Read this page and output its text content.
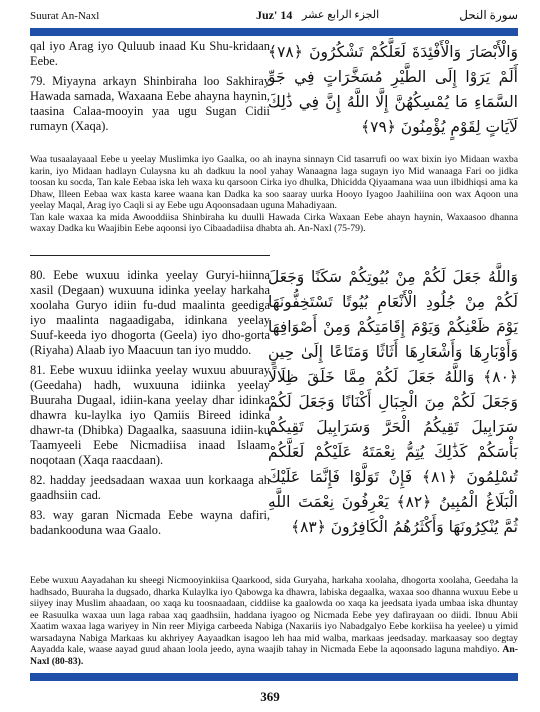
Suurat An-Naxl	Juz' 14 الجزء الرابع عشر	سورة النحل

qal iyo Arag iyo Quluub inaad Ku Shu-kridaan Eebe.

79. Miyayna arkayn Shinbiraha loo Sakhiray Hawada samada, Waxaana Eebe ahayna haynin, taasina Calaa-mooyin yaa ugu Sugan Cidii rumayn (Xaqa).

وَالْأَبْصَارَ وَالْأَفْئِدَةَ لَعَلَّكُمْ تَشْكُرُونَ ﴿٧٨﴾ أَلَمْ يَرَوْا إِلَى الطَّيْرِ مُسَخَّرَاتٍ فِي جَوِّ السَّمَاءِ مَا يُمْسِكُهُنَّ إِلَّا اللَّهُ إِنَّ فِي ذَٰلِكَ لَآيَاتٍ لِقَوْمٍ يُؤْمِنُونَ ﴿٧٩﴾

Waa tusaalayaaal Eebe u yeelay Muslimka iyo Gaalka, oo ah inayna sinnayn Cid tasarrufi oo wax bixin iyo Midaan waxba karin, iyo Midaan hadlayn Culaysna ku ah dadkuu la nool yahay Wanaagna laga sugayn iyo Mid wanaaga Fari oo jidka toosan ku socda, Tan kale Eebaa iska leh waxa ku qarsoon Cirka iyo dhulka, Dhicidda Qiyaamana waa uun ilbidhiqsi ama ka Dhaw, Illeen Eebaa wax kasta karee waana kan Dadka ka soo saaray uurka Hooyo Iyagoo Jaahiliina oon wax Aqoon una yeelay Maqal, Arag iyo Caqli si ay Eebe ugu Aqoonsadaan uguna Mahadiyaan.

Tan kale waxaa ka mida Awooddiisa Shinbiraha ku duulli Hawada Cirka Waxaan Eebe ahayn haynin, Waxaasoo dhanna waxay Dadka ku Waajibin Eebe aqoonsi iyo Cibaadadiisa dhabta ah. An-Naxl (75-79).

80. Eebe wuxuu idinka yeelay Guryi-hiinna xasil (Degaan) wuxuuna idinka yeelay harkaha xoolaha Guryo idiin fu-dud maalinta geediga iyo maalinta nagaadigaba, idinkana yeelay Suuf-keeda iyo dhogorta (Geela) iyo dho-gorta (Riyaha) Alaab iyo Maacuun tan iyo muddo.

81. Eebe wuxuu idiinka yeelay wuxuu abuuray (Geedaha) hadh, wuxuuna idiinka yeelay Buuraha Dugaal, idiin-kana yeelay dhar idinka dhawra ku-laylka iyo Qamiis Bireed idinka dhawr-ta (Dhibka) Dagaalka, saasuuna idiin-ku Taamyeeli Eebe Nicmadiisa inaad Islaam noqotaan (Xaqa raacdaan).

82. hadday jeedsadaan waxaa uun korkaaga ah gaadhsiin cad.

83. way garan Nicmada Eebe wayna dafiri, badankooduna waa Gaalo.

وَاللَّهُ جَعَلَ لَكُمْ مِنْ بُيُوتِكُمْ سَكَنًا وَجَعَلَ لَكُمْ مِنْ جُلُودِ الْأَنْعَامِ بُيُوتًا تَسْتَخِفُّونَهَا يَوْمَ ظَعْنِكُمْ وَيَوْمَ إِقَامَتِكُمْ وَمِنْ أَصْوَافِهَا وَأَوْبَارِهَا وَأَشْعَارِهَا أَثَاثًا وَمَتَاعًا إِلَىٰ حِينٍ ﴿٨٠﴾ وَاللَّهُ جَعَلَ لَكُمْ مِمَّا خَلَقَ ظِلَالًا وَجَعَلَ لَكُمْ مِنَ الْجِبَالِ أَكْنَانًا وَجَعَلَ لَكُمْ سَرَابِيلَ تَقِيكُمُ الْحَرَّ وَسَرَابِيلَ تَقِيكُمْ بَأْسَكُمْ كَذَٰلِكَ يُتِمُّ نِعْمَتَهُ عَلَيْكُمْ لَعَلَّكُمْ تُسْلِمُونَ ﴿٨١﴾ فَإِنْ تَوَلَّوْا فَإِنَّمَا عَلَيْكَ الْبَلَاغُ الْمُبِينُ ﴿٨٢﴾ يَعْرِفُونَ نِعْمَتَ اللَّهِ ثُمَّ يُنْكِرُونَهَا وَأَكْثَرُهُمُ الْكَافِرُونَ ﴿٨٣﴾

Eebe wuxuu Aayadahan ku sheegi Nicmooyinkiisa Qaarkood, sida Guryaha, harkaha xoolaha, dhogorta xoolaha, Geedaha la hadhsado, Buuraha la dugsado, dharka Kulaylka iyo Qabowga ka dhawra, labiska degaalka, waxaa soo dhanna wuxuu Eebe u siiyey inay Muslim ahaadaan, oo xaqa ku toosnaadaan, ciddiise ka gaalowda oo xaqa ka jeedsata iyada umbaa iska dhuntay ee Rasuulka waxaa uun laga rabaa xaq gaadhsiin, haddana iyagoo og Nicmada Eebe yey dafirayaan oo diidi. Ibnuu Abii Xaatim waxaa laga wariyey in Nin reer Miyiga carbeeda Nabiga (Naxariis iyo Nabadgalyo Eebe korkiisa ha yeelee) u yimid warsadayna Nabiga Markaas ku akhriyey Aayaadkan isagoo leh haa mid walba, markaas jeedsaday. markaasay soo degtay Aayadda kale, waase aayad guud ahaan loola jeedo, ayna waajib tahay in Nicmada Eebe la aqoonsado laguna mahdiyo. An-Naxl (80-83).

369
